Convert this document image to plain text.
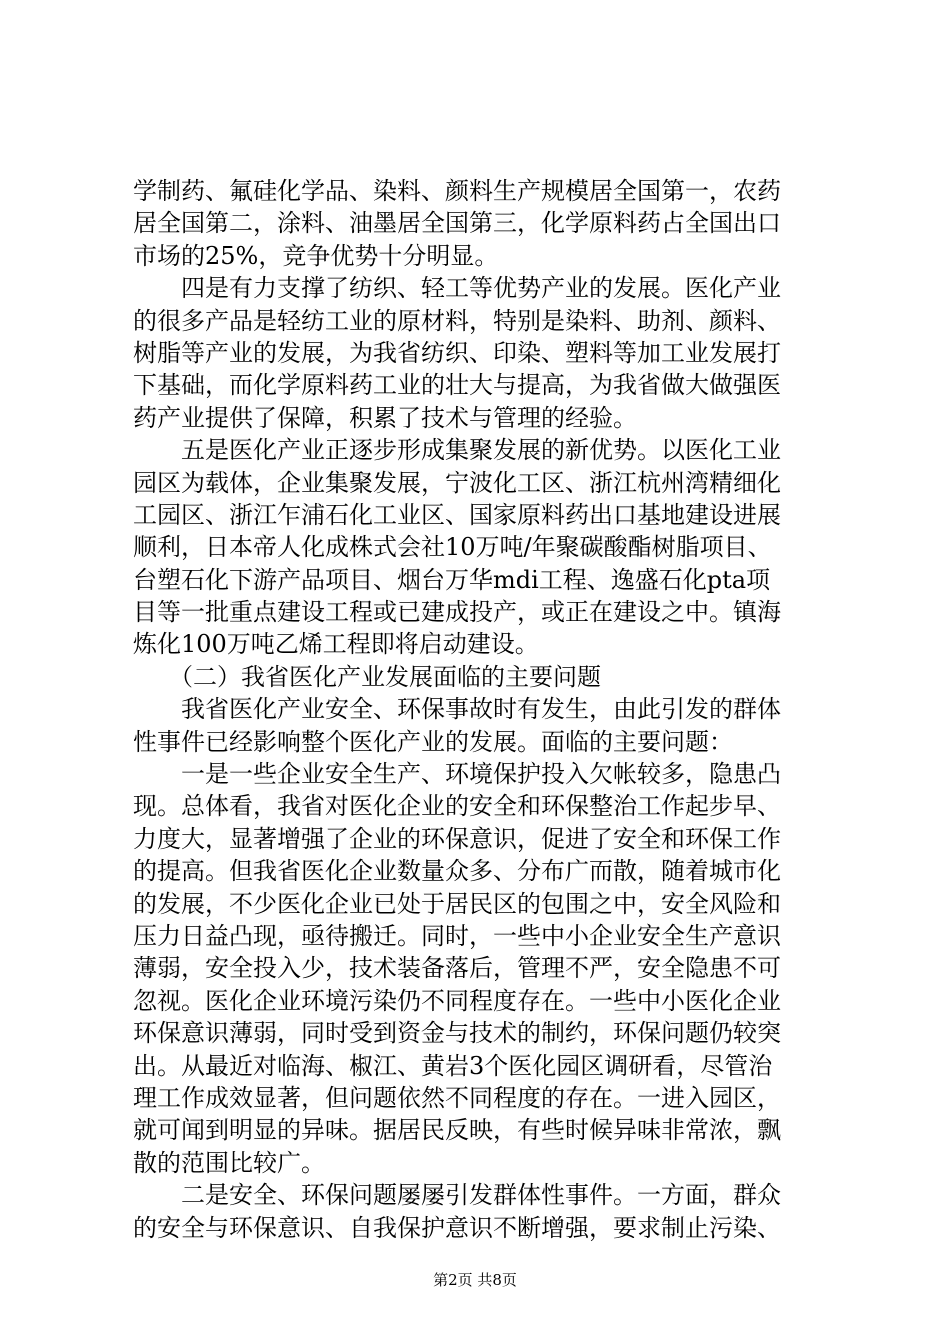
学制药、氟硅化学品、染料、颜料生产规模居全国第一，农药
居全国第二，涂料、油墨居全国第三，化学原料药占全国出口
市场的25%，竞争优势十分明显。
　　四是有力支撑了纺织、轻工等优势产业的发展。医化产业
的很多产品是轻纺工业的原材料，特别是染料、助剂、颜料、
树脂等产业的发展，为我省纺织、印染、塑料等加工业发展打
下基础，而化学原料药工业的壮大与提高，为我省做大做强医
药产业提供了保障，积累了技术与管理的经验。
　　五是医化产业正逐步形成集聚发展的新优势。以医化工业
园区为载体，企业集聚发展，宁波化工区、浙江杭州湾精细化
工园区、浙江乍浦石化工业区、国家原料药出口基地建设进展
顺利，日本帝人化成株式会社10万吨/年聚碳酸酯树脂项目、
台塑石化下游产品项目、烟台万华mdi工程、逸盛石化pta项
目等一批重点建设工程或已建成投产，或正在建设之中。镇海
炼化100万吨乙烯工程即将启动建设。
　　（二）我省医化产业发展面临的主要问题
　　我省医化产业安全、环保事故时有发生，由此引发的群体
性事件已经影响整个医化产业的发展。面临的主要问题：
　　一是一些企业安全生产、环境保护投入欠帐较多，隐患凸
现。总体看，我省对医化企业的安全和环保整治工作起步早、
力度大，显著增强了企业的环保意识，促进了安全和环保工作
的提高。但我省医化企业数量众多、分布广而散，随着城市化
的发展，不少医化企业已处于居民区的包围之中，安全风险和
压力日益凸现，亟待搬迁。同时，一些中小企业安全生产意识
薄弱，安全投入少，技术装备落后，管理不严，安全隐患不可
忽视。医化企业环境污染仍不同程度存在。一些中小医化企业
环保意识薄弱，同时受到资金与技术的制约，环保问题仍较突
出。从最近对临海、椒江、黄岩3个医化园区调研看，尽管治
理工作成效显著，但问题依然不同程度的存在。一进入园区，
就可闻到明显的异味。据居民反映，有些时候异味非常浓，飘
散的范围比较广。
　　二是安全、环保问题屡屡引发群体性事件。一方面，群众
的安全与环保意识、自我保护意识不断增强，要求制止污染、
第2页 共8页
